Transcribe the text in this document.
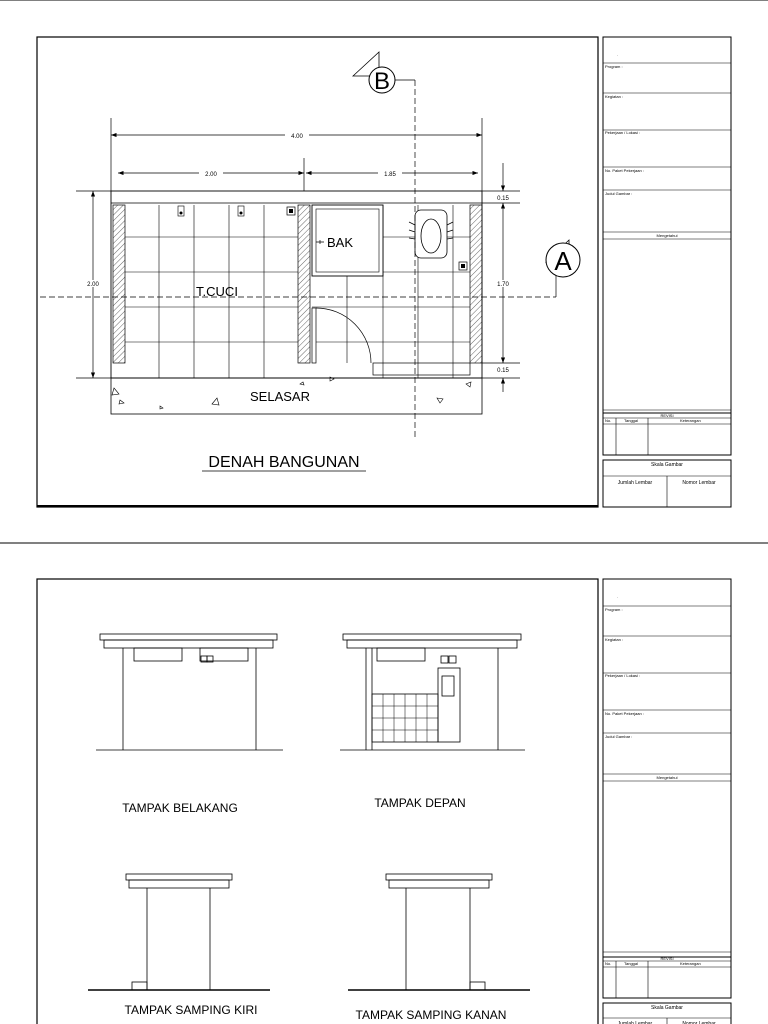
B
A
4.00
2.00	1.85
2.00
0.15
1.70
0.15
T.CUCI
BAK
SELASAR
DENAH BANGUNAN
.
Program :
Kegiatan :
Pekerjaan / Lokasi :
No. Paket Pekerjaan :
Judul Gambar :
Mengetahui
REVISI
No.	Tanggal	Keterangan
Skala Gambar
Jumlah Lembar	Nomor Lembar
TAMPAK BELAKANG	TAMPAK DEPAN
TAMPAK SAMPING KIRI	TAMPAK SAMPING KANAN
.
Program :
Kegiatan :
Pekerjaan / Lokasi :
No. Paket Pekerjaan :
Judul Gambar :
Mengetahui
REVISI
No.	Tanggal	Keterangan
Skala Gambar
Jumlah Lembar	Nomor Lembar
